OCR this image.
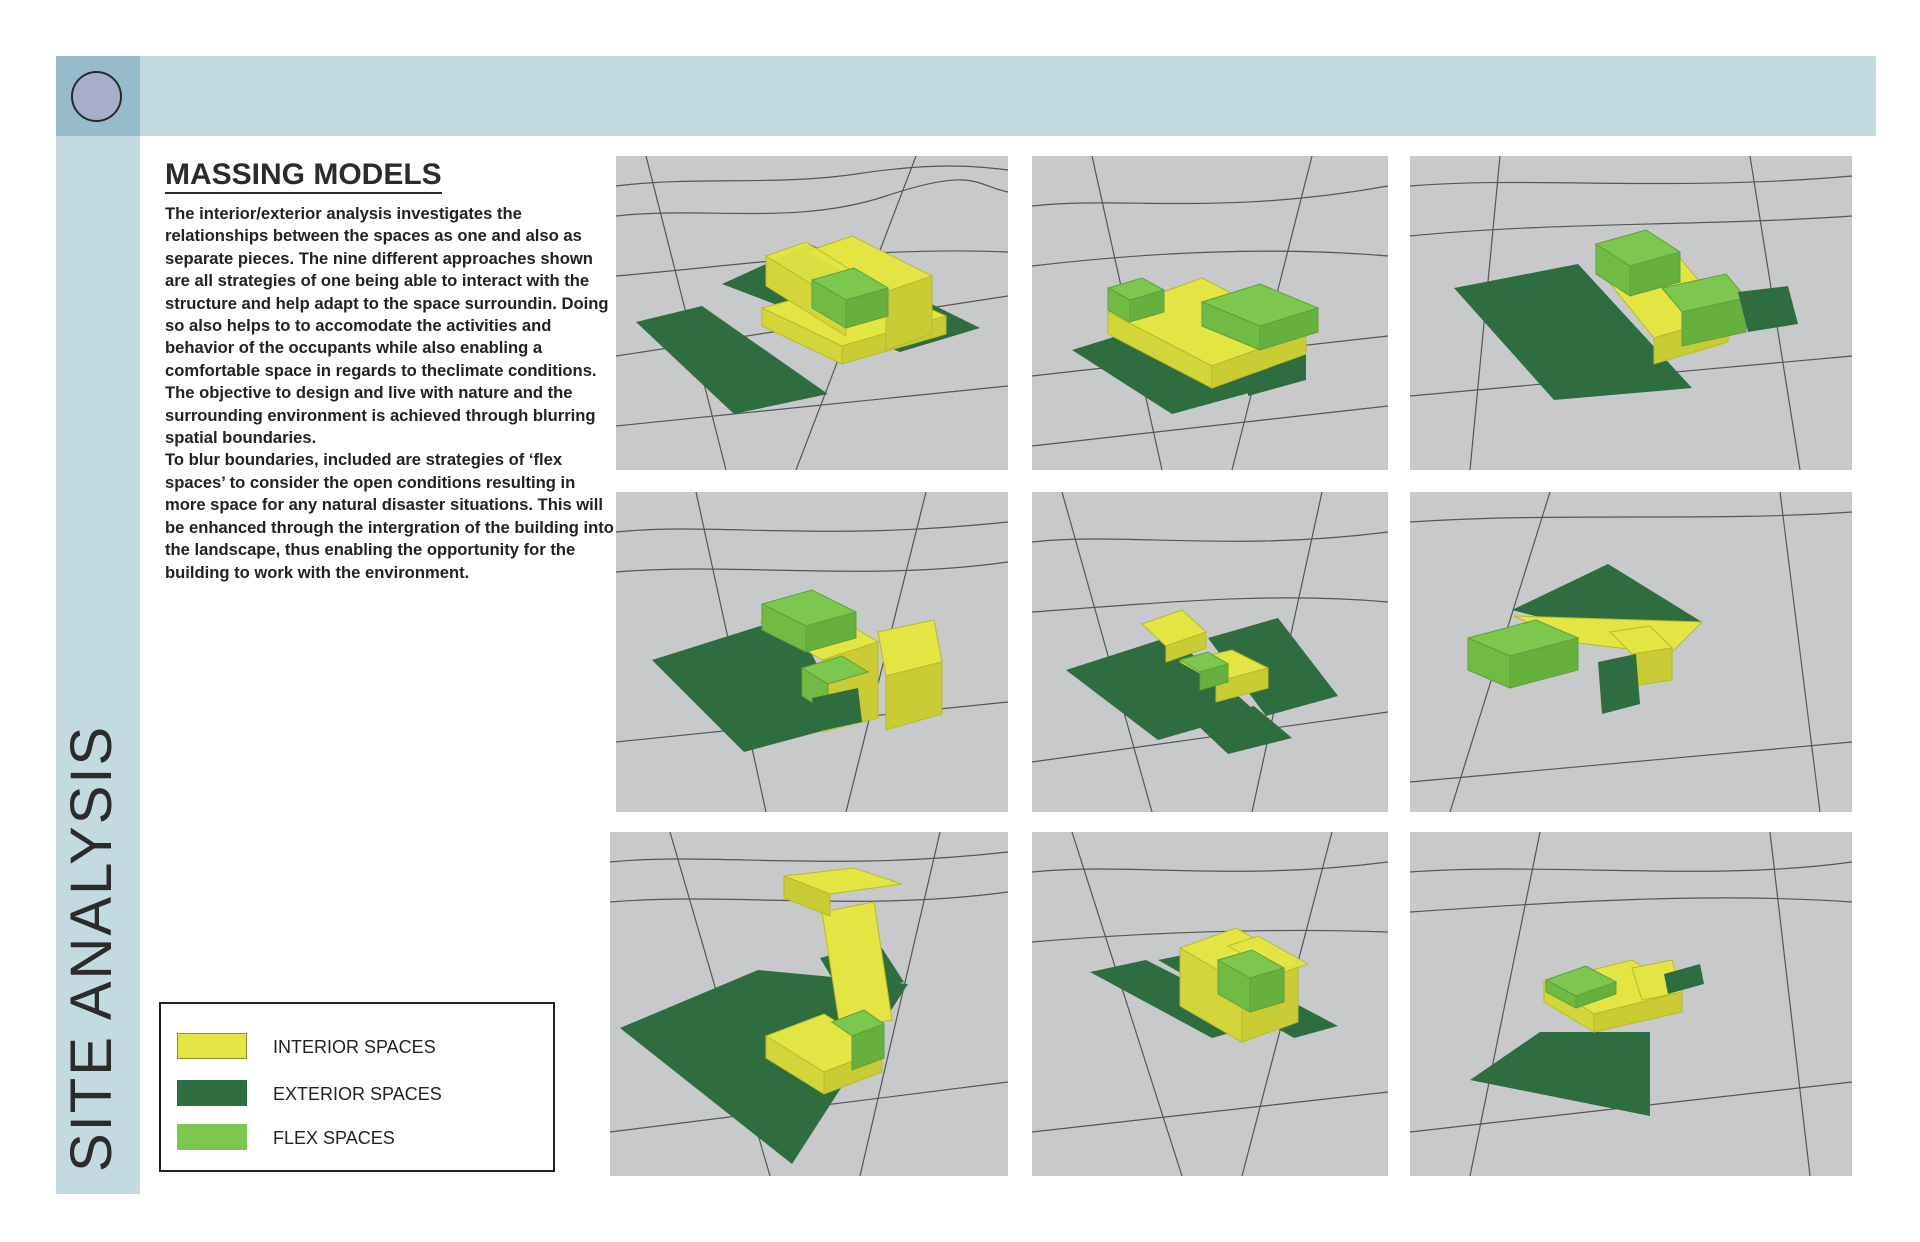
SITE ANALYSIS
MASSING MODELS

The interior/exterior analysis investigates the relationships between the spaces as one and also as separate pieces. The nine different approaches shown are all strategies of one being able to interact with the structure and help adapt to the space surroundin. Doing so also helps to to accomodate the activities and behavior of the occupants while also enabling a comfortable space in regards to theclimate conditions. The objective to design and live with nature and the surrounding environment is achieved through blurring spatial boundaries.

To blur boundaries, included are strategies of ‘flex spaces’ to consider the open conditions resulting in more space for any natural disaster situations. This will be enhanced through the intergration of the building into the landscape, thus enabling the opportunity for the building to work with the environment.

INTERIOR SPACES
EXTERIOR SPACES
FLEX SPACES
